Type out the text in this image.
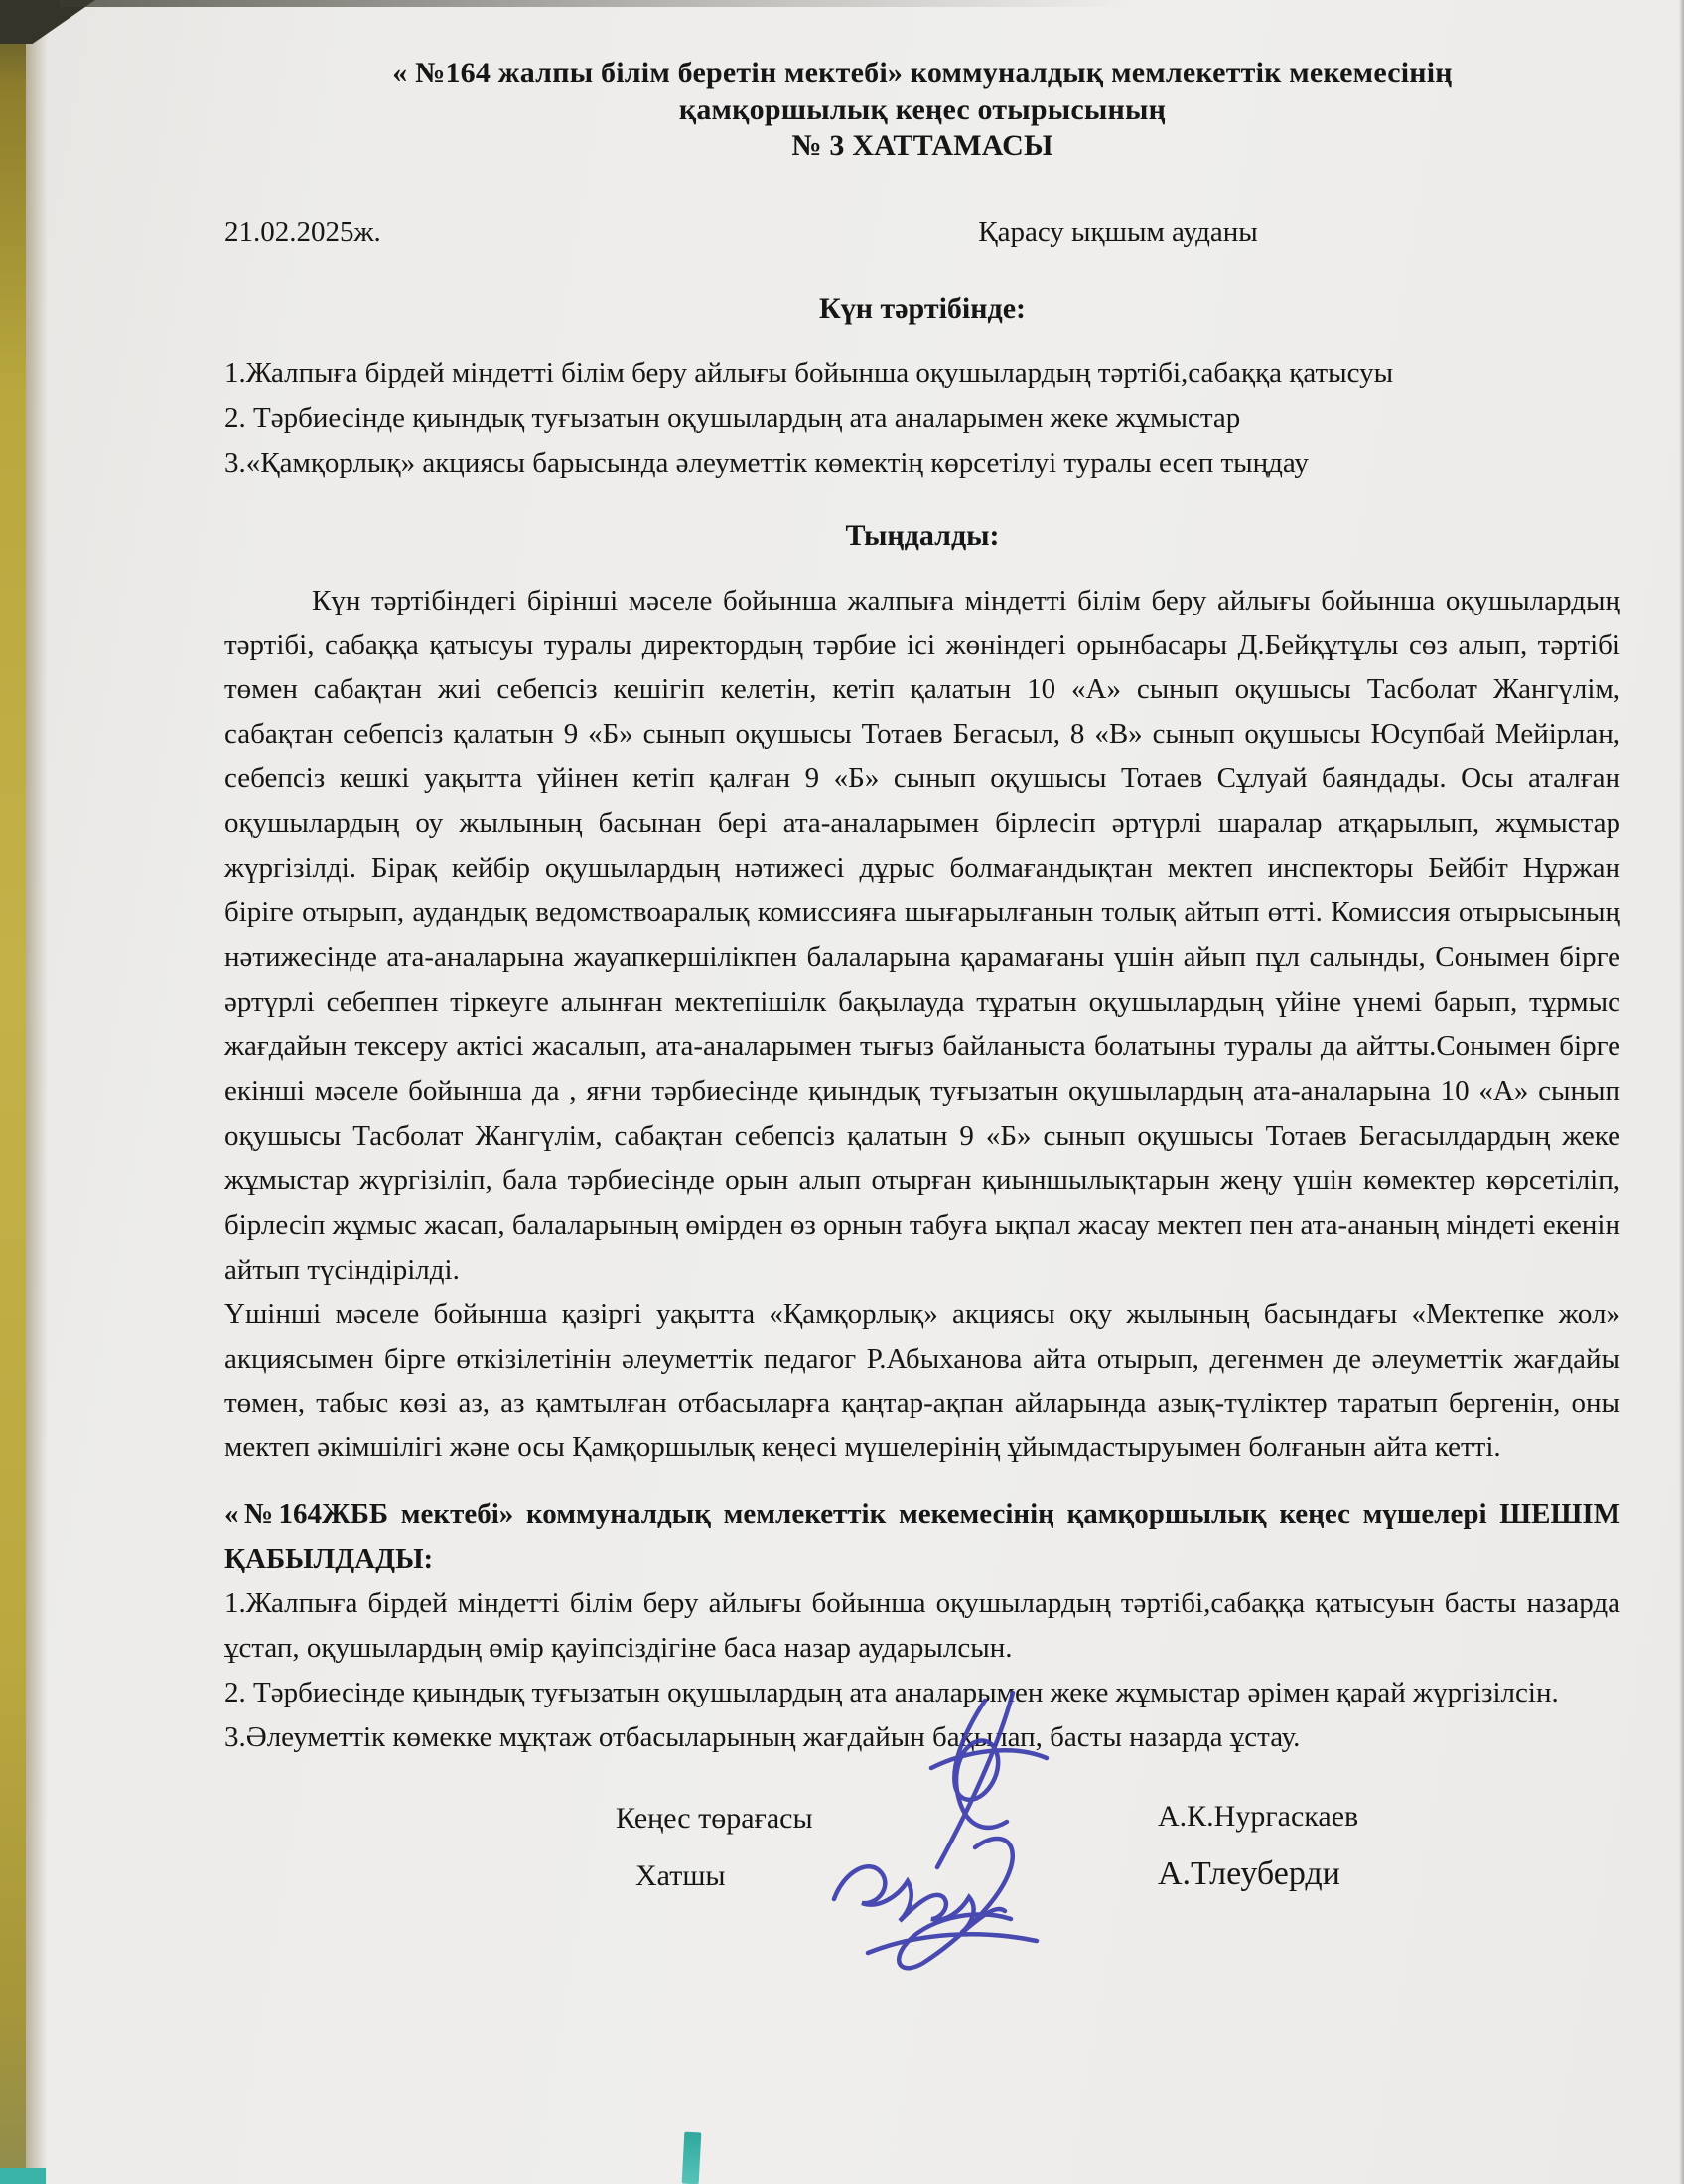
« №164 жалпы білім беретін мектебі» коммуналдық мемлекеттік мекемесінің
қамқоршылық кеңес отырысының
№ 3 ХАТТАМАСЫ
21.02.2025ж.	Қарасу ықшым ауданы
Күн тәртібінде:

1.Жалпыға бірдей міндетті білім беру айлығы бойынша оқушылардың тәртібі,сабаққа қатысуы

2. Тәрбиесінде қиындық туғызатын оқушылардың ата аналарымен жеке жұмыстар

3.«Қамқорлық» акциясы барысында әлеуметтік көмектің көрсетілуі туралы есеп тыңдау

Тыңдалды:

Күн тәртібіндегі бірінші мәселе бойынша жалпыға міндетті білім беру айлығы бойынша оқушылардың тәртібі, сабаққа қатысуы туралы директордың тәрбие ісі жөніндегі орынбасары Д.Бейқұтұлы сөз алып, тәртібі төмен сабақтан жиі себепсіз кешігіп келетін, кетіп қалатын 10 «А» сынып оқушысы Тасболат Жангүлім, сабақтан себепсіз қалатын 9 «Б» сынып оқушысы Тотаев Бегасыл, 8 «В» сынып оқушысы Юсупбай Мейірлан, себепсіз кешкі уақытта үйінен кетіп қалған 9 «Б» сынып оқушысы Тотаев Сұлуай баяндады. Осы аталған оқушылардың оу жылының басынан бері ата-аналарымен бірлесіп әртүрлі шаралар атқарылып, жұмыстар жүргізілді. Бірақ кейбір оқушылардың нәтижесі дұрыс болмағандықтан мектеп инспекторы Бейбіт Нұржан біріге отырып, аудандық ведомствоаралық комиссияға шығарылғанын толық айтып өтті. Комиссия отырысының нәтижесінде ата-аналарына жауапкершілікпен балаларына қарамағаны үшін айып пұл салынды, Сонымен бірге әртүрлі себеппен тіркеуге алынған мектепішілк бақылауда тұратын оқушылардың үйіне үнемі барып, тұрмыс жағдайын тексеру актісі жасалып, ата-аналарымен тығыз байланыста болатыны туралы да айтты.Сонымен бірге екінші мәселе бойынша да , яғни тәрбиесінде қиындық туғызатын оқушылардың ата-аналарына 10 «А» сынып оқушысы Тасболат Жангүлім, сабақтан себепсіз қалатын 9 «Б» сынып оқушысы Тотаев Бегасылдардың жеке жұмыстар жүргізіліп, бала тәрбиесінде орын алып отырған қиыншылықтарын жеңу үшін көмектер көрсетіліп, бірлесіп жұмыс жасап, балаларының өмірден өз орнын табуға ықпал жасау мектеп пен ата-ананың міндеті екенін айтып түсіндірілді.

Үшінші мәселе бойынша қазіргі уақытта «Қамқорлық» акциясы оқу жылының басындағы «Мектепке жол» акциясымен бірге өткізілетінін әлеуметтік педагог Р.Абыханова айта отырып, дегенмен де әлеуметтік жағдайы төмен, табыс көзі аз, аз қамтылған отбасыларға қаңтар-ақпан айларында азық-түліктер таратып бергенін, оны мектеп әкімшілігі және осы Қамқоршылық кеңесі мүшелерінің ұйымдастыруымен болғанын айта кетті.

«№164ЖББ мектебі» коммуналдық мемлекеттік мекемесінің қамқоршылық кеңес мүшелері ШЕШІМ ҚАБЫЛДАДЫ:

1.Жалпыға бірдей міндетті білім беру айлығы бойынша оқушылардың тәртібі,сабаққа қатысуын басты назарда ұстап, оқушылардың өмір қауіпсіздігіне баса назар аударылсын.

2. Тәрбиесінде қиындық туғызатын оқушылардың ата аналарымен жеке жұмыстар әрімен қарай жүргізілсін.

3.Әлеуметтік көмекке мұқтаж отбасыларының жағдайын бақылап, басты назарда ұстау.

Кеңес төрағасы	А.К.Нургаскаев
Хатшы	А.Тлеуберди
